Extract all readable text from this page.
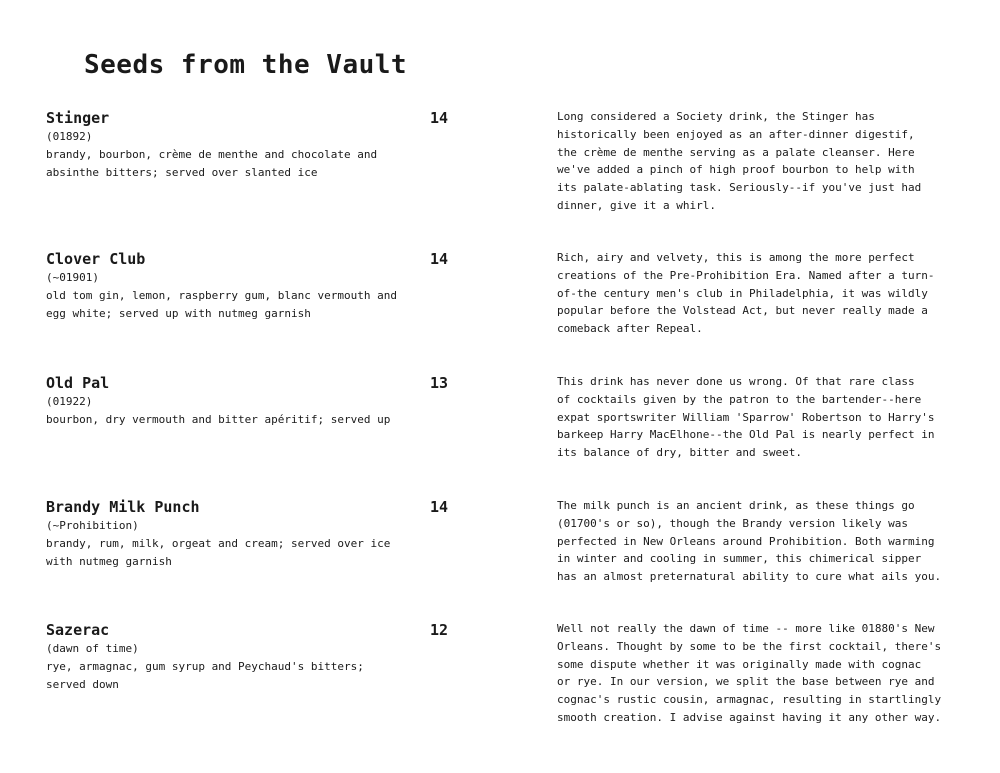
Seeds from the Vault
Stinger
(01892)
brandy, bourbon, crème de menthe and chocolate and
absinthe bitters; served over slanted ice
14	Long considered a Society drink, the Stinger has
historically been enjoyed as an after-dinner digestif,
the crème de menthe serving as a palate cleanser. Here
we've added a pinch of high proof bourbon to help with
its palate-ablating task. Seriously--if you've just had
dinner, give it a whirl.
Clover Club
(~01901)
old tom gin, lemon, raspberry gum, blanc vermouth and
egg white; served up with nutmeg garnish
14	Rich, airy and velvety, this is among the more perfect
creations of the Pre-Prohibition Era. Named after a turn-
of-the century men's club in Philadelphia, it was wildly
popular before the Volstead Act, but never really made a
comeback after Repeal.
Old Pal
(01922)
bourbon, dry vermouth and bitter apéritif; served up
13	This drink has never done us wrong. Of that rare class
of cocktails given by the patron to the bartender--here
expat sportswriter William 'Sparrow' Robertson to Harry's
barkeep Harry MacElhone--the Old Pal is nearly perfect in
its balance of dry, bitter and sweet.
Brandy Milk Punch
(~Prohibition)
brandy, rum, milk, orgeat and cream; served over ice
with nutmeg garnish
14	The milk punch is an ancient drink, as these things go
(01700's or so), though the Brandy version likely was
perfected in New Orleans around Prohibition. Both warming
in winter and cooling in summer, this chimerical sipper
has an almost preternatural ability to cure what ails you.
Sazerac
(dawn of time)
rye, armagnac, gum syrup and Peychaud's bitters;
served down
12	Well not really the dawn of time -- more like 01880's New
Orleans. Thought by some to be the first cocktail, there's
some dispute whether it was originally made with cognac
or rye. In our version, we split the base between rye and
cognac's rustic cousin, armagnac, resulting in startlingly
smooth creation. I advise against having it any other way.
